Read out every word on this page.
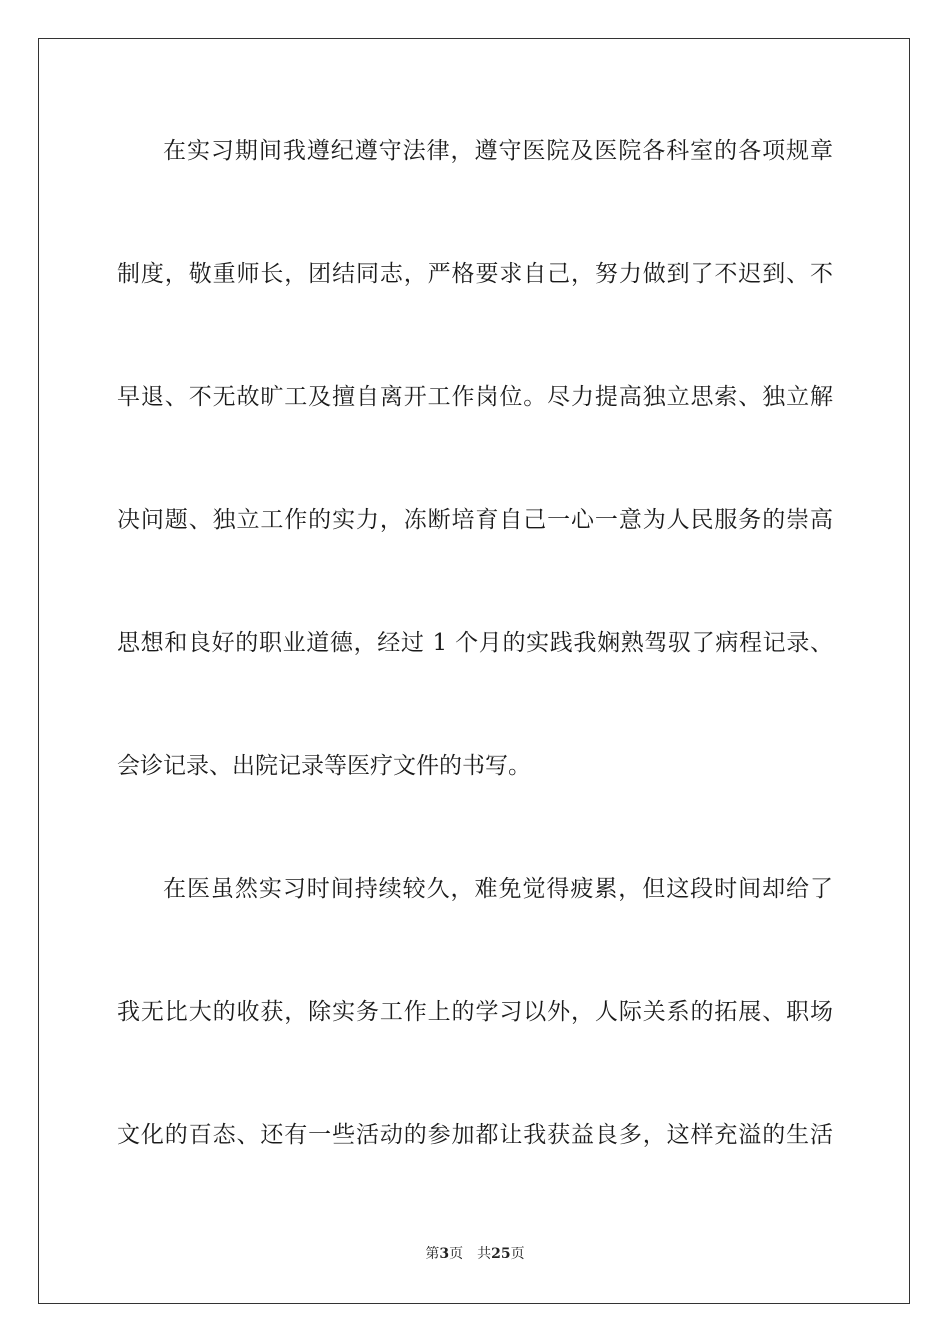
在实习期间我遵纪遵守法律，遵守医院及医院各科室的各项规章
制度，敬重师长，团结同志，严格要求自己，努力做到了不迟到、不
早退、不无故旷工及擅自离开工作岗位。尽力提高独立思索、独立解
决问题、独立工作的实力，冻断培育自己一心一意为人民服务的崇高
思想和良好的职业道德，经过 1 个月的实践我娴熟驾驭了病程记录、
会诊记录、出院记录等医疗文件的书写。
在医虽然实习时间持续较久，难免觉得疲累，但这段时间却给了
我无比大的收获，除实务工作上的学习以外，人际关系的拓展、职场
文化的百态、还有一些活动的参加都让我获益良多，这样充溢的生活
第3页 共25页
